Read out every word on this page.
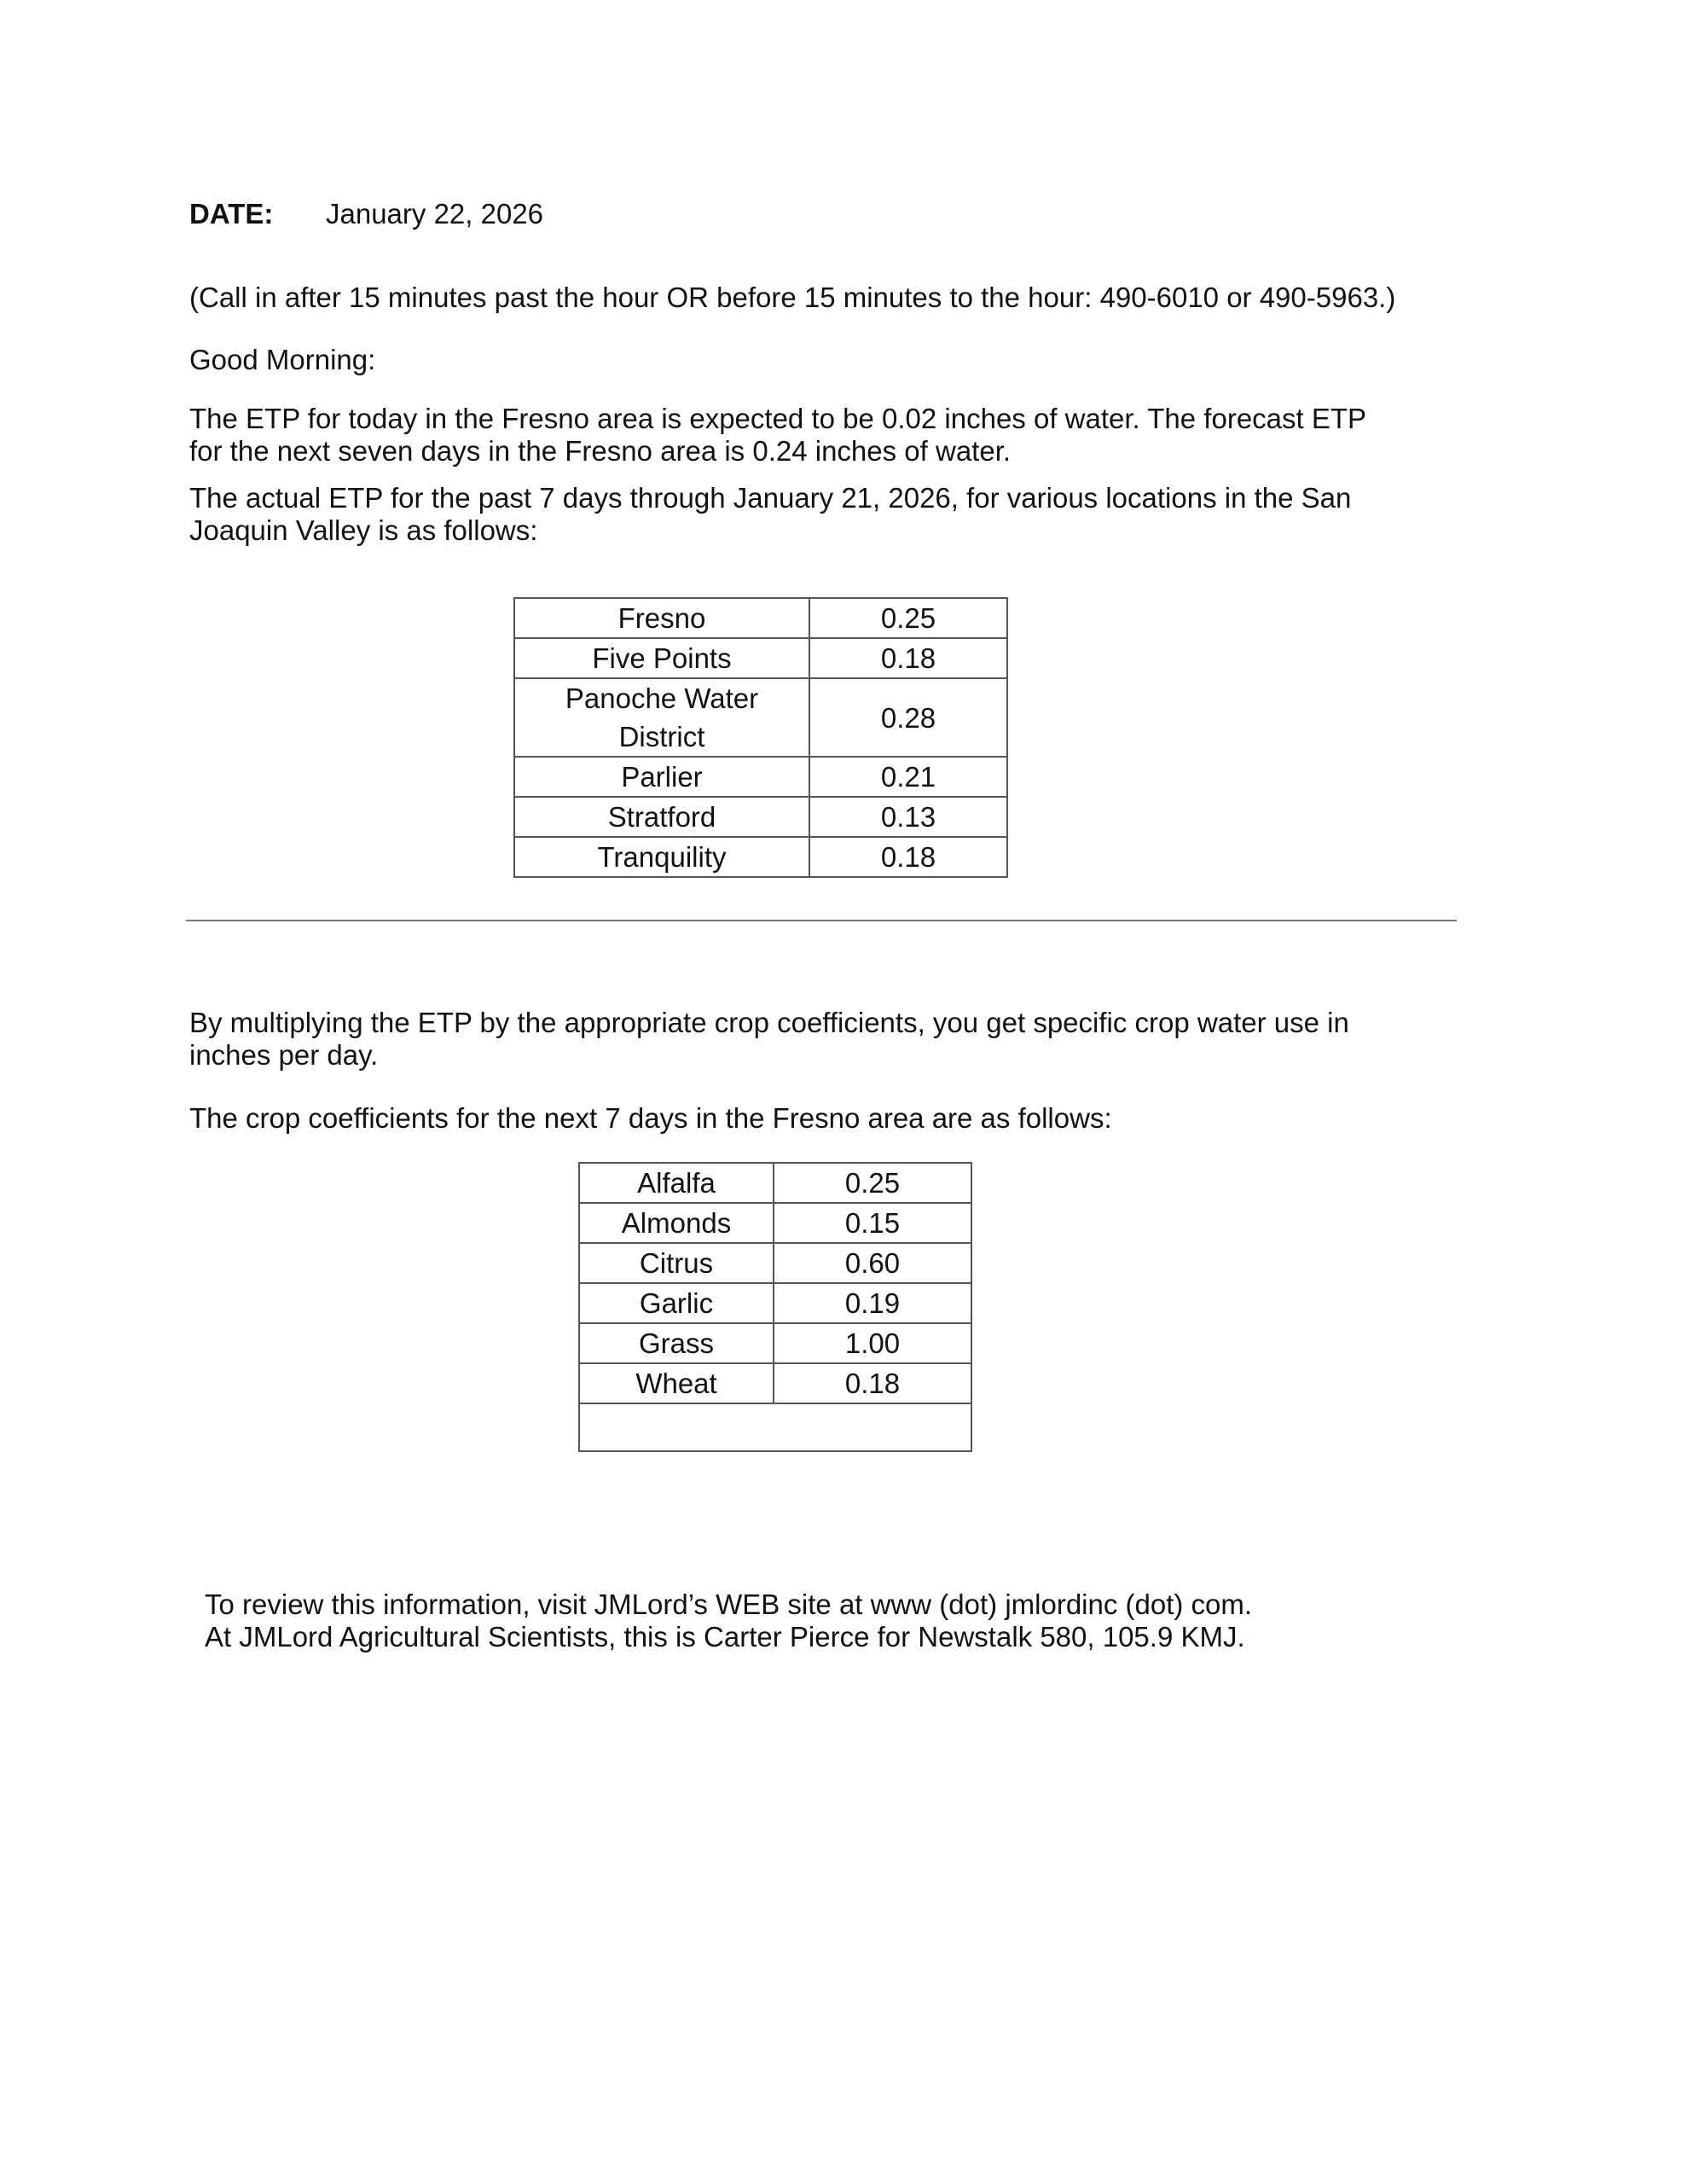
DATE: January 22, 2026
(Call in after 15 minutes past the hour OR before 15 minutes to the hour: 490-6010 or 490-5963.)
Good Morning:
The ETP for today in the Fresno area is expected to be 0.02 inches of water. The forecast ETP
for the next seven days in the Fresno area is 0.24 inches of water.
The actual ETP for the past 7 days through January 21, 2026, for various locations in the San
Joaquin Valley is as follows:
Fresno	0.25
Five Points	0.18
Panoche Water District	0.28
Parlier	0.21
Stratford	0.13
Tranquility	0.18
By multiplying the ETP by the appropriate crop coefficients, you get specific crop water use in
inches per day.
The crop coefficients for the next 7 days in the Fresno area are as follows:
Alfalfa	0.25
Almonds	0.15
Citrus	0.60
Garlic	0.19
Grass	1.00
Wheat	0.18

To review this information, visit JMLord’s WEB site at www (dot) jmlordinc (dot) com.
At JMLord Agricultural Scientists, this is Carter Pierce for Newstalk 580, 105.9 KMJ.
